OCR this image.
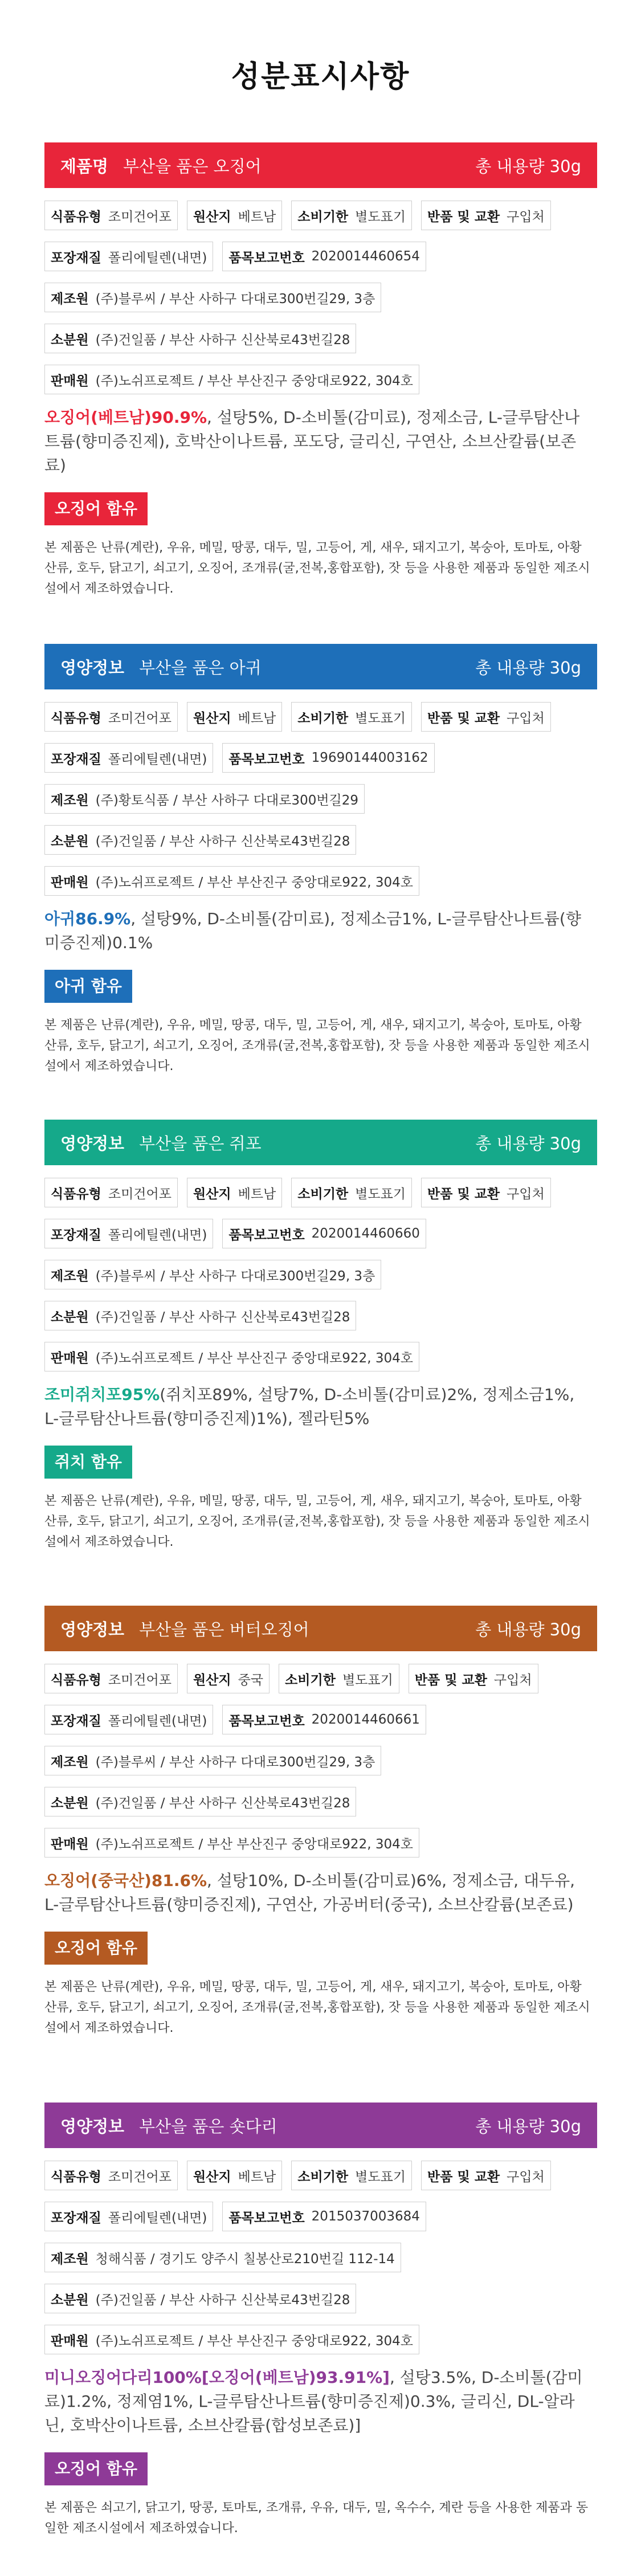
성분표시사항
제품명 부산을 품은 오징어	총 내용량 30g
식품유형 조미건어포 원산지 베트남 소비기한 별도표기 반품 및 교환 구입처
포장재질 폴리에틸렌(내면) 품목보고번호 2020014460654
제조원 (주)블루씨 / 부산 사하구 다대로300번길29, 3층
소분원 (주)건일품 / 부산 사하구 신산북로43번길28
판매원 (주)노쉬프로젝트 / 부산 부산진구 중앙대로922, 304호
오징어(베트남)90.9%, 설탕5%, D-소비톨(감미료), 정제소금, L-글루탐산나트륨(향미증진제), 호박산이나트륨, 포도당, 글리신, 구연산, 소브산칼륨(보존료)
오징어 함유
본 제품은 난류(계란), 우유, 메밀, 땅콩, 대두, 밀, 고등어, 게, 새우, 돼지고기, 복숭아, 토마토, 아황산류, 호두, 닭고기, 쇠고기, 오징어, 조개류(굴,전복,홍합포함), 잣 등을 사용한 제품과 동일한 제조시설에서 제조하였습니다.
영양정보 부산을 품은 아귀	총 내용량 30g
식품유형 조미건어포 원산지 베트남 소비기한 별도표기 반품 및 교환 구입처
포장재질 폴리에틸렌(내면) 품목보고번호 19690144003162
제조원 (주)황토식품 / 부산 사하구 다대로300번길29
소분원 (주)건일품 / 부산 사하구 신산북로43번길28
판매원 (주)노쉬프로젝트 / 부산 부산진구 중앙대로922, 304호
아귀86.9%, 설탕9%, D-소비톨(감미료), 정제소금1%, L-글루탐산나트륨(향미증진제)0.1%
아귀 함유
본 제품은 난류(계란), 우유, 메밀, 땅콩, 대두, 밀, 고등어, 게, 새우, 돼지고기, 복숭아, 토마토, 아황산류, 호두, 닭고기, 쇠고기, 오징어, 조개류(굴,전복,홍합포함), 잣 등을 사용한 제품과 동일한 제조시설에서 제조하였습니다.
영양정보 부산을 품은 쥐포	총 내용량 30g
식품유형 조미건어포 원산지 베트남 소비기한 별도표기 반품 및 교환 구입처
포장재질 폴리에틸렌(내면) 품목보고번호 2020014460660
제조원 (주)블루씨 / 부산 사하구 다대로300번길29, 3층
소분원 (주)건일품 / 부산 사하구 신산북로43번길28
판매원 (주)노쉬프로젝트 / 부산 부산진구 중앙대로922, 304호
조미쥐치포95%(쥐치포89%, 설탕7%, D-소비톨(감미료)2%, 정제소금1%, L-글루탐산나트륨(향미증진제)1%), 젤라틴5%
쥐치 함유
본 제품은 난류(계란), 우유, 메밀, 땅콩, 대두, 밀, 고등어, 게, 새우, 돼지고기, 복숭아, 토마토, 아황산류, 호두, 닭고기, 쇠고기, 오징어, 조개류(굴,전복,홍합포함), 잣 등을 사용한 제품과 동일한 제조시설에서 제조하였습니다.
영양정보 부산을 품은 버터오징어	총 내용량 30g
식품유형 조미건어포 원산지 중국 소비기한 별도표기 반품 및 교환 구입처
포장재질 폴리에틸렌(내면) 품목보고번호 2020014460661
제조원 (주)블루씨 / 부산 사하구 다대로300번길29, 3층
소분원 (주)건일품 / 부산 사하구 신산북로43번길28
판매원 (주)노쉬프로젝트 / 부산 부산진구 중앙대로922, 304호
오징어(중국산)81.6%, 설탕10%, D-소비톨(감미료)6%, 정제소금, 대두유, L-글루탐산나트륨(향미증진제), 구연산, 가공버터(중국), 소브산칼륨(보존료)
오징어 함유
본 제품은 난류(계란), 우유, 메밀, 땅콩, 대두, 밀, 고등어, 게, 새우, 돼지고기, 복숭아, 토마토, 아황산류, 호두, 닭고기, 쇠고기, 오징어, 조개류(굴,전복,홍합포함), 잣 등을 사용한 제품과 동일한 제조시설에서 제조하였습니다.
영양정보 부산을 품은 숏다리	총 내용량 30g
식품유형 조미건어포 원산지 베트남 소비기한 별도표기 반품 및 교환 구입처
포장재질 폴리에틸렌(내면) 품목보고번호 2015037003684
제조원 청해식품 / 경기도 양주시 칠봉산로210번길 112-14
소분원 (주)건일품 / 부산 사하구 신산북로43번길28
판매원 (주)노쉬프로젝트 / 부산 부산진구 중앙대로922, 304호
미니오징어다리100%[오징어(베트남)93.91%], 설탕3.5%, D-소비톨(감미료)1.2%, 정제염1%, L-글루탐산나트륨(향미증진제)0.3%, 글리신, DL-알라닌, 호박산이나트륨, 소브산칼륨(합성보존료)]
오징어 함유
본 제품은 쇠고기, 닭고기, 땅콩, 토마토, 조개류, 우유, 대두, 밀, 옥수수, 계란 등을 사용한 제품과 동일한 제조시설에서 제조하였습니다.
